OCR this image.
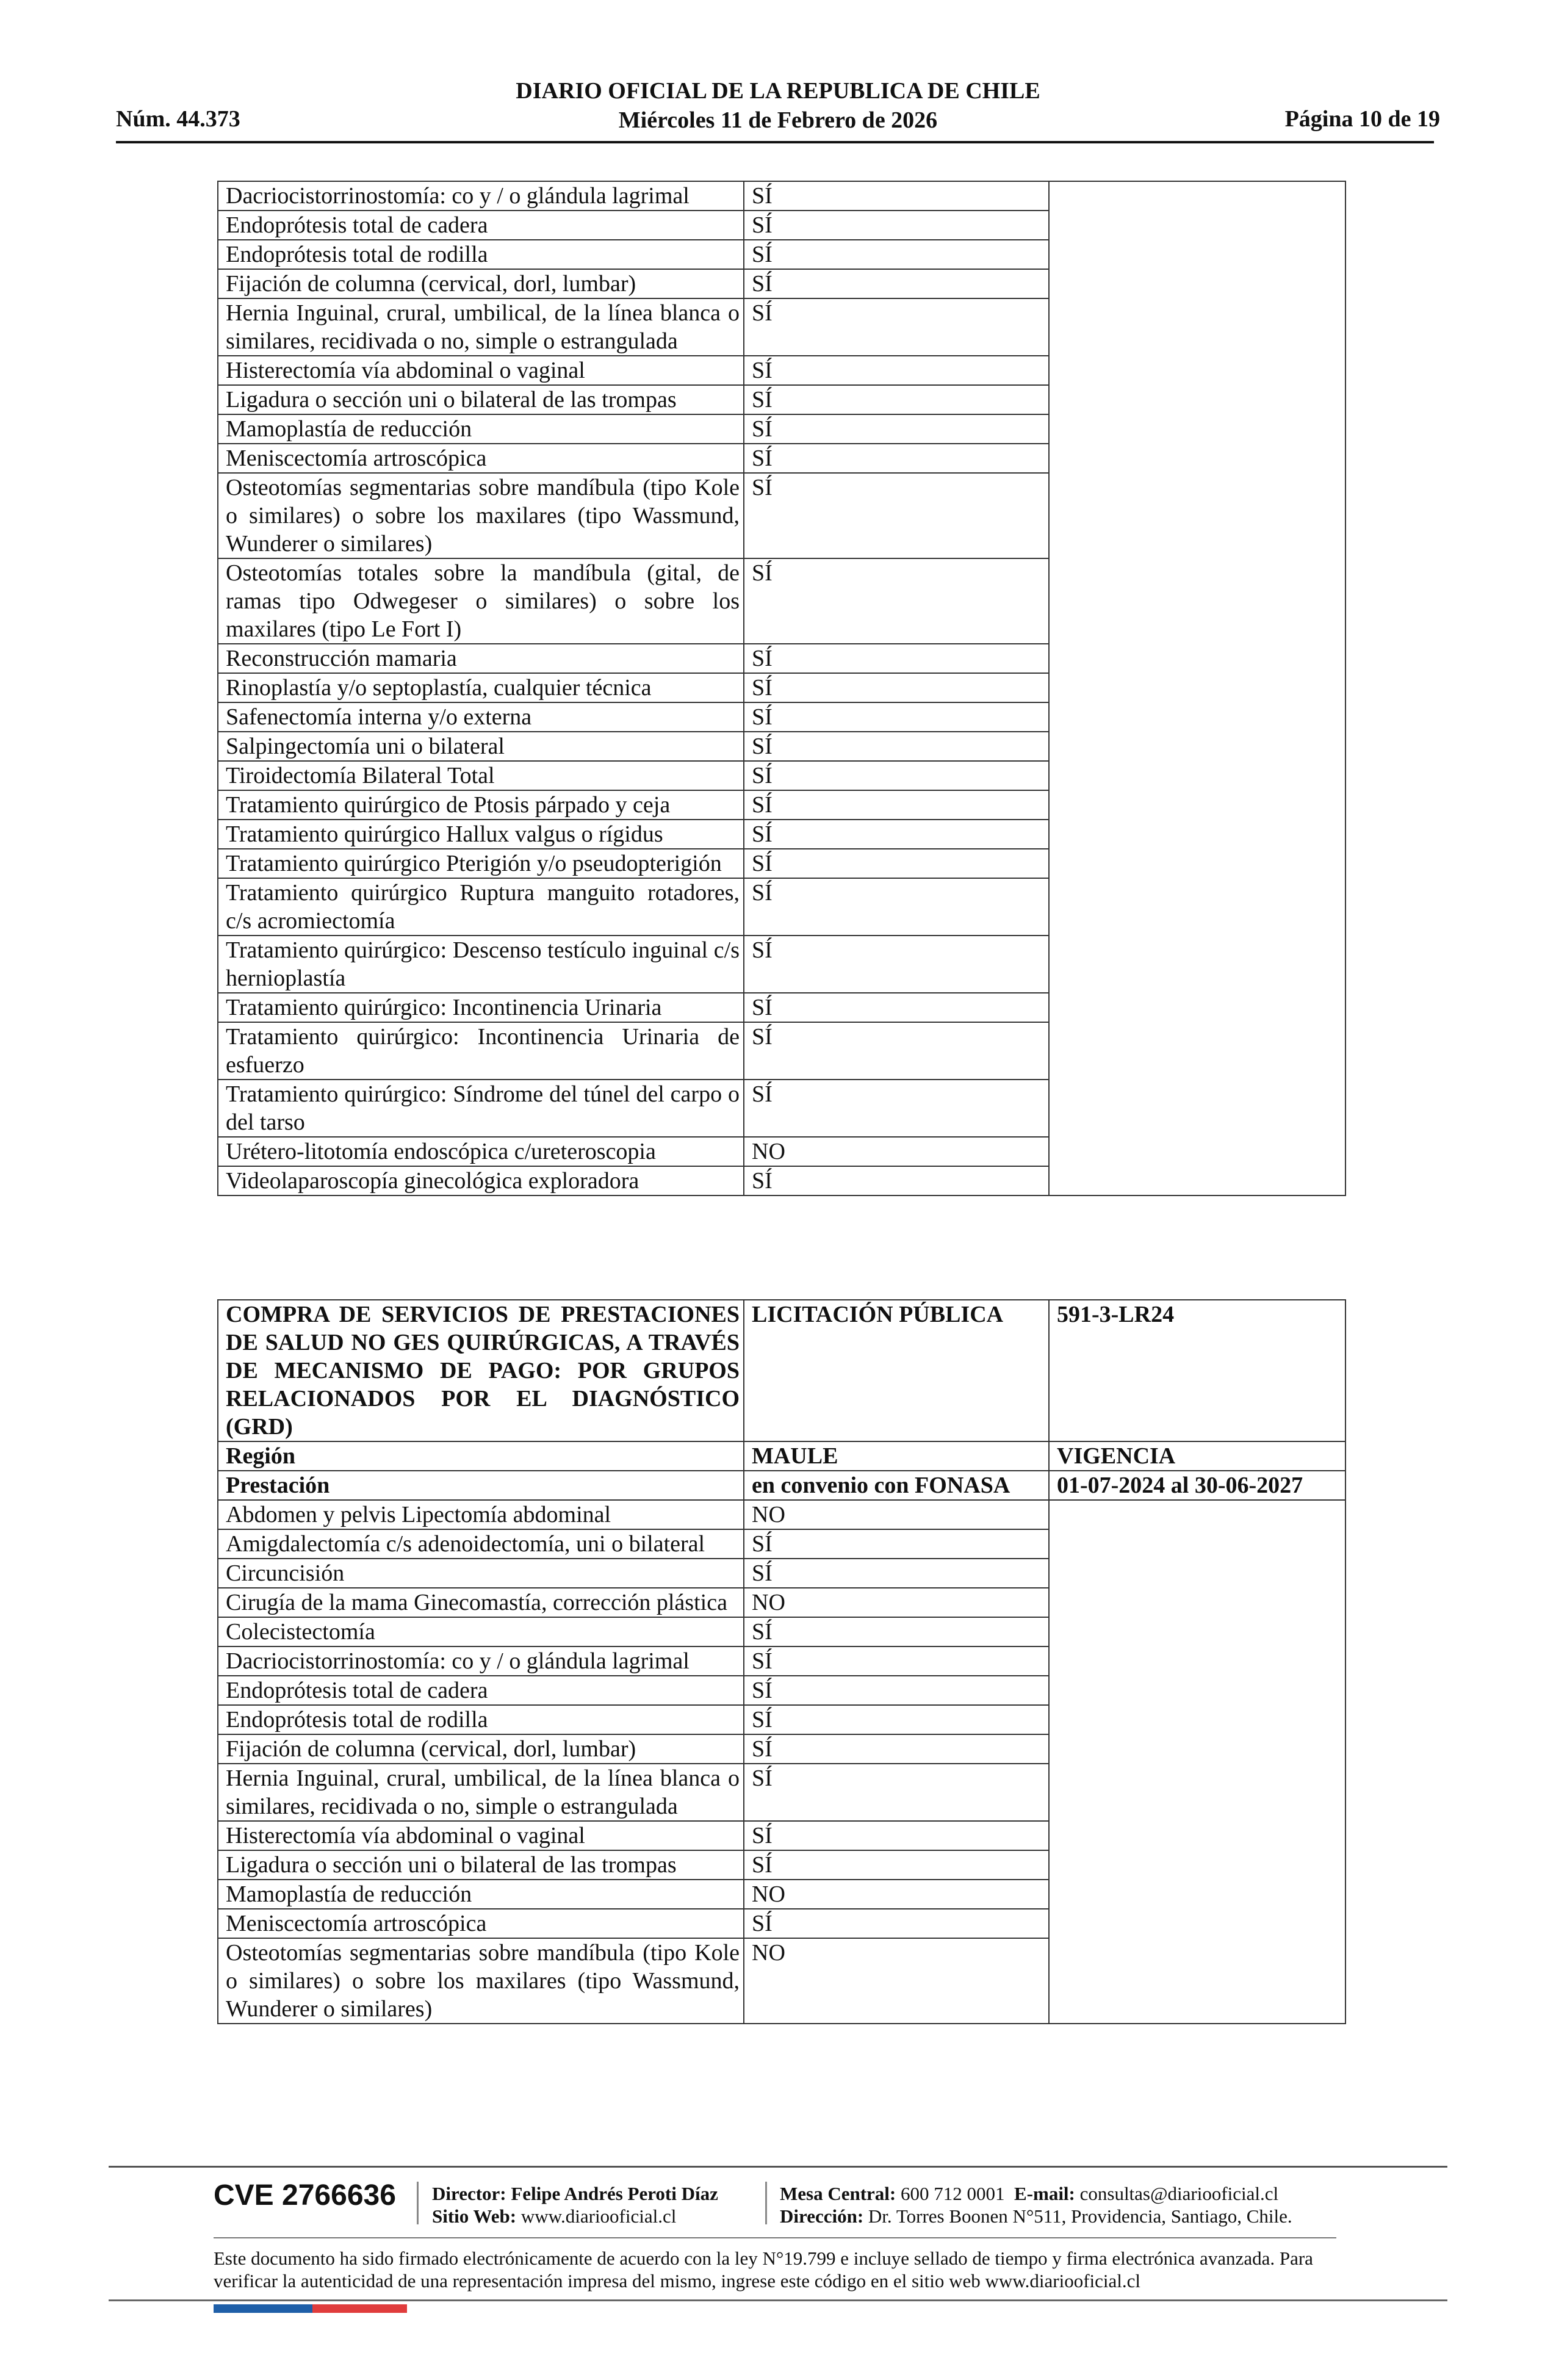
DIARIO OFICIAL DE LA REPUBLICA DE CHILE
Miércoles 11 de Febrero de 2026
Núm. 44.373	Página 10 de 19
Dacriocistorrinostomía: co y / o glándula lagrimal	SÍ	
Endoprótesis total de cadera	SÍ	
Endoprótesis total de rodilla	SÍ	
Fijación de columna (cervical, dorl, lumbar)	SÍ	
Hernia Inguinal, crural, umbilical, de la línea blanca o similares, recidivada o no, simple o estrangulada	SÍ	
Histerectomía vía abdominal o vaginal	SÍ	
Ligadura o sección uni o bilateral de las trompas	SÍ	
Mamoplastía de reducción	SÍ	
Meniscectomía artroscópica	SÍ	
Osteotomías segmentarias sobre mandíbula (tipo Kole o similares) o sobre los maxilares (tipo Wassmund, Wunderer o similares)	SÍ	
Osteotomías totales sobre la mandíbula (gital, de ramas tipo Odwegeser o similares) o sobre los maxilares (tipo Le Fort I)	SÍ	
Reconstrucción mamaria	SÍ	
Rinoplastía y/o septoplastía, cualquier técnica	SÍ	
Safenectomía interna y/o externa	SÍ	
Salpingectomía uni o bilateral	SÍ	
Tiroidectomía Bilateral Total	SÍ	
Tratamiento quirúrgico de Ptosis párpado y ceja	SÍ	
Tratamiento quirúrgico Hallux valgus o rígidus	SÍ	
Tratamiento quirúrgico Pterigión y/o pseudopterigión	SÍ	
Tratamiento quirúrgico Ruptura manguito rotadores, c/s acromiectomía	SÍ	
Tratamiento quirúrgico: Descenso testículo inguinal c/s hernioplastía	SÍ	
Tratamiento quirúrgico: Incontinencia Urinaria	SÍ	
Tratamiento quirúrgico: Incontinencia Urinaria de esfuerzo	SÍ	
Tratamiento quirúrgico: Síndrome del túnel del carpo o del tarso	SÍ	
Urétero-litotomía endoscópica c/ureteroscopia	NO	
Videolaparoscopía ginecológica exploradora	SÍ	
COMPRA DE SERVICIOS DE PRESTACIONES DE SALUD NO GES QUIRÚRGICAS, A TRAVÉS DE MECANISMO DE PAGO: POR GRUPOS RELACIONADOS POR EL DIAGNÓSTICO (GRD)	LICITACIÓN PÚBLICA	591-3-LR24
Región	MAULE	VIGENCIA
Prestación	en convenio con FONASA	01-07-2024 al 30-06-2027
Abdomen y pelvis Lipectomía abdominal	NO	
Amigdalectomía c/s adenoidectomía, uni o bilateral	SÍ	
Circuncisión	SÍ	
Cirugía de la mama Ginecomastía, corrección plástica	NO	
Colecistectomía	SÍ	
Dacriocistorrinostomía: co y / o glándula lagrimal	SÍ	
Endoprótesis total de cadera	SÍ	
Endoprótesis total de rodilla	SÍ	
Fijación de columna (cervical, dorl, lumbar)	SÍ	
Hernia Inguinal, crural, umbilical, de la línea blanca o similares, recidivada o no, simple o estrangulada	SÍ	
Histerectomía vía abdominal o vaginal	SÍ	
Ligadura o sección uni o bilateral de las trompas	SÍ	
Mamoplastía de reducción	NO	
Meniscectomía artroscópica	SÍ	
Osteotomías segmentarias sobre mandíbula (tipo Kole o similares) o sobre los maxilares (tipo Wassmund, Wunderer o similares)	NO	
CVE 2766636 Director: Felipe Andrés Peroti Díaz
Sitio Web: www.diariooficial.cl
Mesa Central: 600 712 0001 E-mail: consultas@diariooficial.cl
Dirección: Dr. Torres Boonen N°511, Providencia, Santiago, Chile.
Este documento ha sido firmado electrónicamente de acuerdo con la ley N°19.799 e incluye sellado de tiempo y firma electrónica avanzada. Para verificar la autenticidad de una representación impresa del mismo, ingrese este código en el sitio web www.diariooficial.cl
